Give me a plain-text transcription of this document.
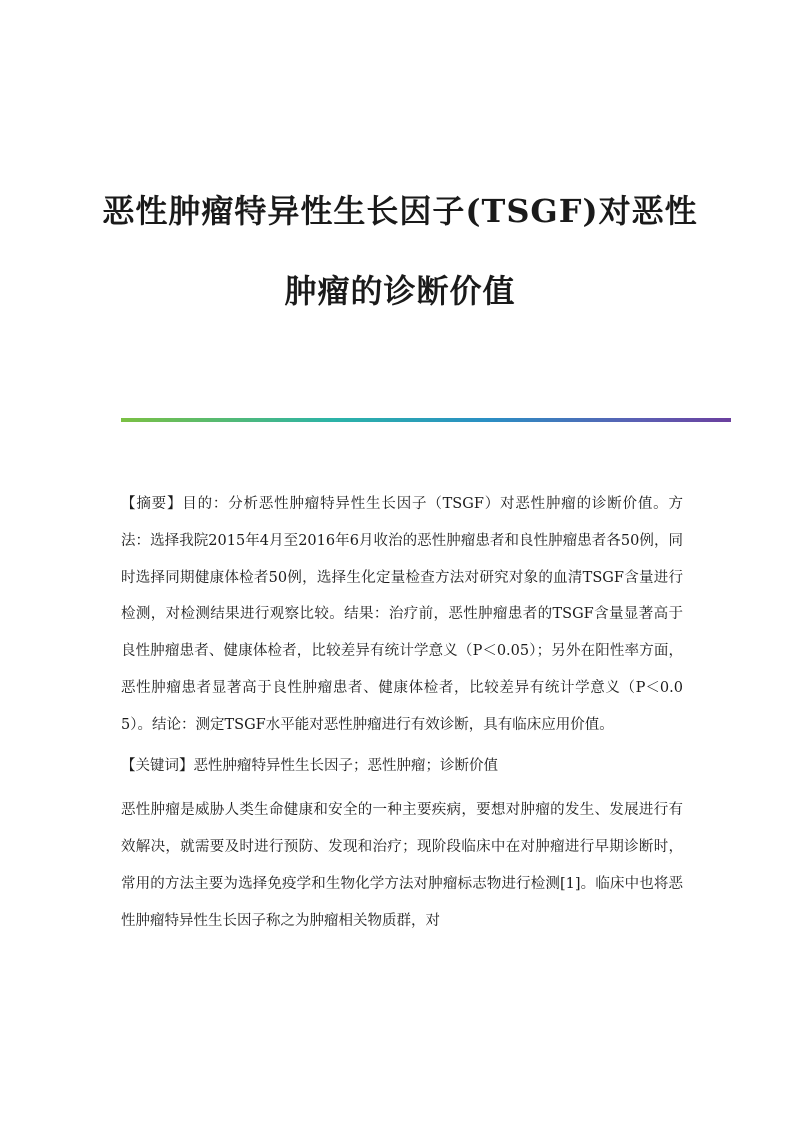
恶性肿瘤特异性生长因子(TSGF)对恶性
肿瘤的诊断价值

【摘要】目的：分析恶性肿瘤特异性生长因子（TSGF）对恶性肿瘤的诊断价值。方法：选择我院2015年4月至2016年6月收治的恶性肿瘤患者和良性肿瘤患者各50例，同时选择同期健康体检者50例，选择生化定量检查方法对研究对象的血清TSGF含量进行检测，对检测结果进行观察比较。结果：治疗前，恶性肿瘤患者的TSGF含量显著高于良性肿瘤患者、健康体检者，比较差异有统计学意义（P＜0.05）；另外在阳性率方面，恶性肿瘤患者显著高于良性肿瘤患者、健康体检者，比较差异有统计学意义（P＜0.05）。结论：测定TSGF水平能对恶性肿瘤进行有效诊断，具有临床应用价值。

【关键词】恶性肿瘤特异性生长因子；恶性肿瘤；诊断价值

恶性肿瘤是威胁人类生命健康和安全的一种主要疾病，要想对肿瘤的发生、发展进行有效解决，就需要及时进行预防、发现和治疗；现阶段临床中在对肿瘤进行早期诊断时，常用的方法主要为选择免疫学和生物化学方法对肿瘤标志物进行检测[1]。临床中也将恶性肿瘤特异性生长因子称之为肿瘤相关物质群，对
